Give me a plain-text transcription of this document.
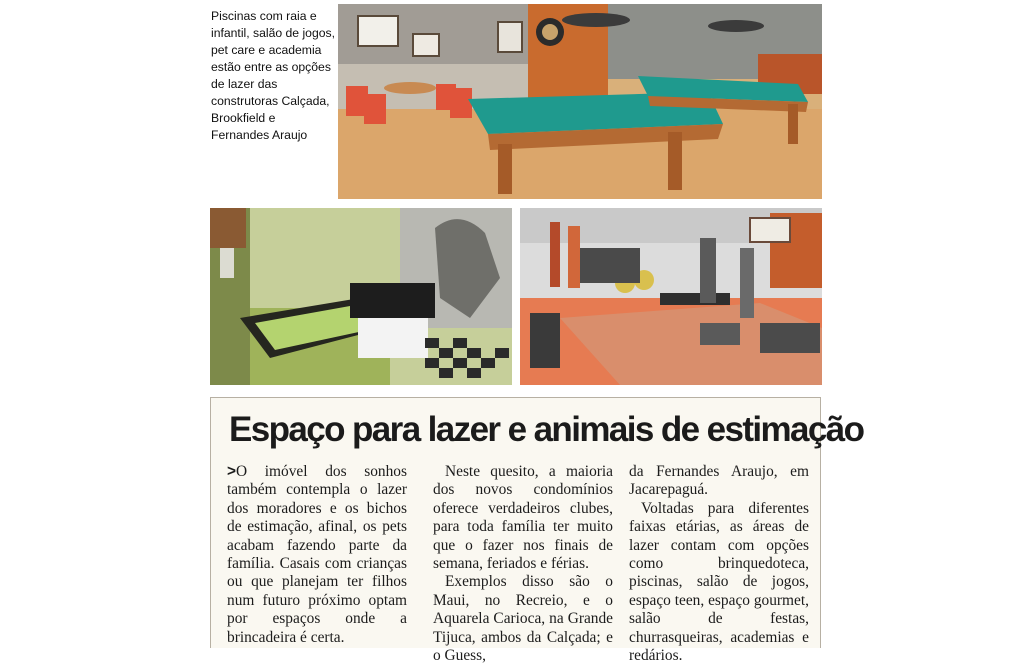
Piscinas com raia e infantil, salão de jogos, pet care e academia estão entre as opções de lazer das construtoras Calçada, Brookfield e Fernandes Araujo
Espaço para lazer e animais de estimação

>O imóvel dos sonhos também contempla o lazer dos moradores e os bichos de estimação, afinal, os pets acabam fazendo parte da família. Casais com crianças ou que planejam ter filhos num futuro próximo optam por espaços onde a brincadeira é certa.

Neste quesito, a maioria dos novos condomínios oferece verdadeiros clubes, para toda família ter muito que o fazer nos finais de semana, feriados e férias.

Exemplos disso são o Maui, no Recreio, e o Aquarela Carioca, na Grande Tijuca, ambos da Calçada; e o Guess,

da Fernandes Araujo, em Jacarepaguá.

Voltadas para diferentes faixas etárias, as áreas de lazer contam com opções como brinquedoteca, piscinas, salão de jogos, espaço teen, espaço gourmet, salão de festas, churrasqueiras, academias e redários.
